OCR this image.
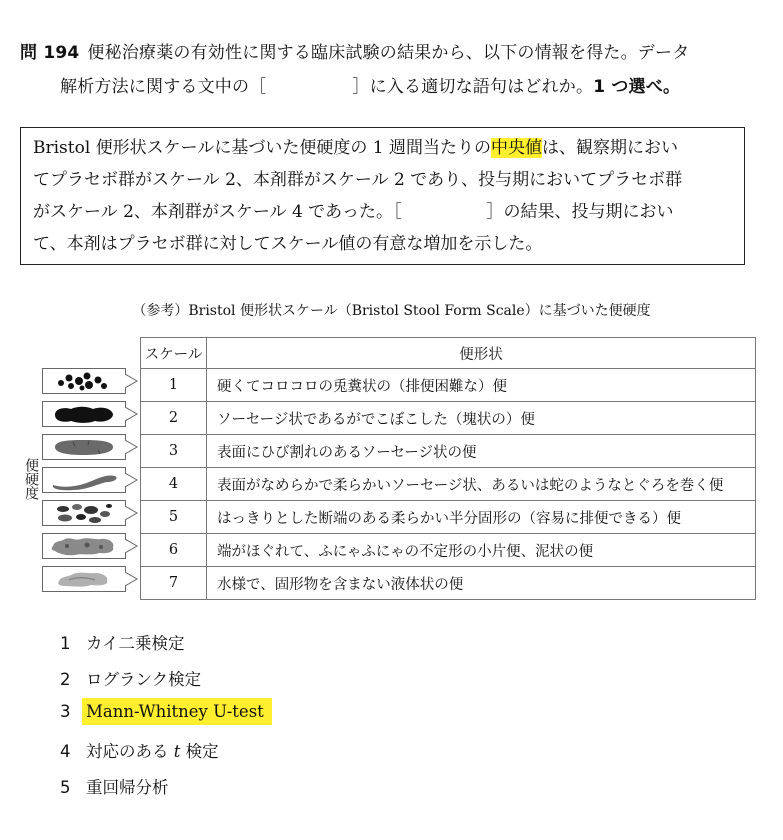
問 194 便秘治療薬の有効性に関する臨床試験の結果から、以下の情報を得た。データ
解析方法に関する文中の［　　　　　］に入る適切な語句はどれか。1 つ選べ。
Bristol 便形状スケールに基づいた便硬度の 1 週間当たりの中央値は、観察期におい
てプラセボ群がスケール 2、本剤群がスケール 2 であり、投与期においてプラセボ群
がスケール 2、本剤群がスケール 4 であった。［　　　　　］の結果、投与期におい
て、本剤はプラセボ群に対してスケール値の有意な増加を示した。
（参考）Bristol 便形状スケール（Bristol Stool Form Scale）に基づいた便硬度
便硬度
スケール	便形状
1	硬くてコロコロの兎糞状の（排便困難な）便
2	ソーセージ状であるがでこぼこした（塊状の）便
3	表面にひび割れのあるソーセージ状の便
4	表面がなめらかで柔らかいソーセージ状、あるいは蛇のようなとぐろを巻く便
5	はっきりとした断端のある柔らかい半分固形の（容易に排便できる）便
6	端がほぐれて、ふにゃふにゃの不定形の小片便、泥状の便
7	水様で、固形物を含まない液体状の便
1 カイ二乗検定
2 ログランク検定
3 Mann-Whitney U-test
4 対応のある t 検定
5 重回帰分析
